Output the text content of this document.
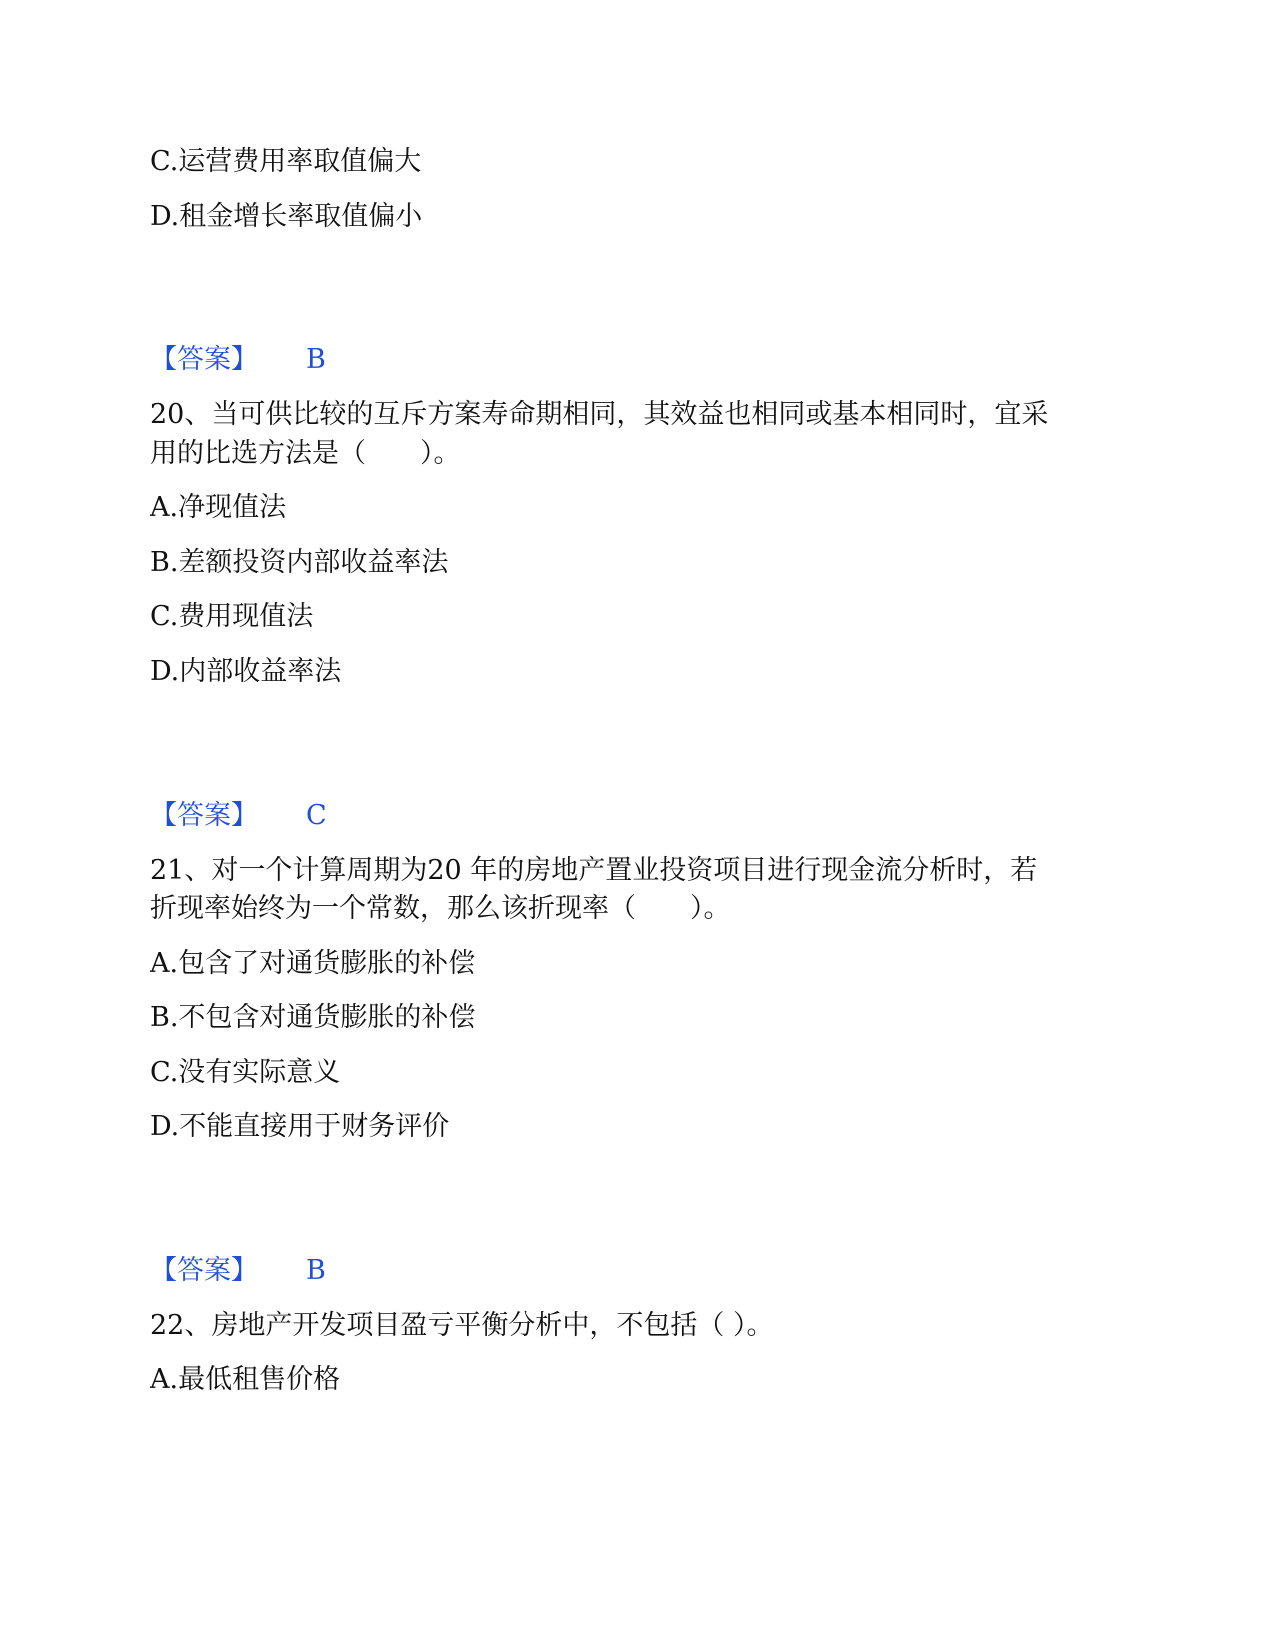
C.运营费用率取值偏大
D.租金增长率取值偏小
【答案】 B
20、当可供比较的互斥方案寿命期相同，其效益也相同或基本相同时，宜采
用的比选方法是（　　）。
A.净现值法
B.差额投资内部收益率法
C.费用现值法
D.内部收益率法
【答案】 C
21、对一个计算周期为20 年的房地产置业投资项目进行现金流分析时，若
折现率始终为一个常数，那么该折现率（　　）。
A.包含了对通货膨胀的补偿
B.不包含对通货膨胀的补偿
C.没有实际意义
D.不能直接用于财务评价
【答案】 B
22、房地产开发项目盈亏平衡分析中，不包括（ ）。
A.最低租售价格
